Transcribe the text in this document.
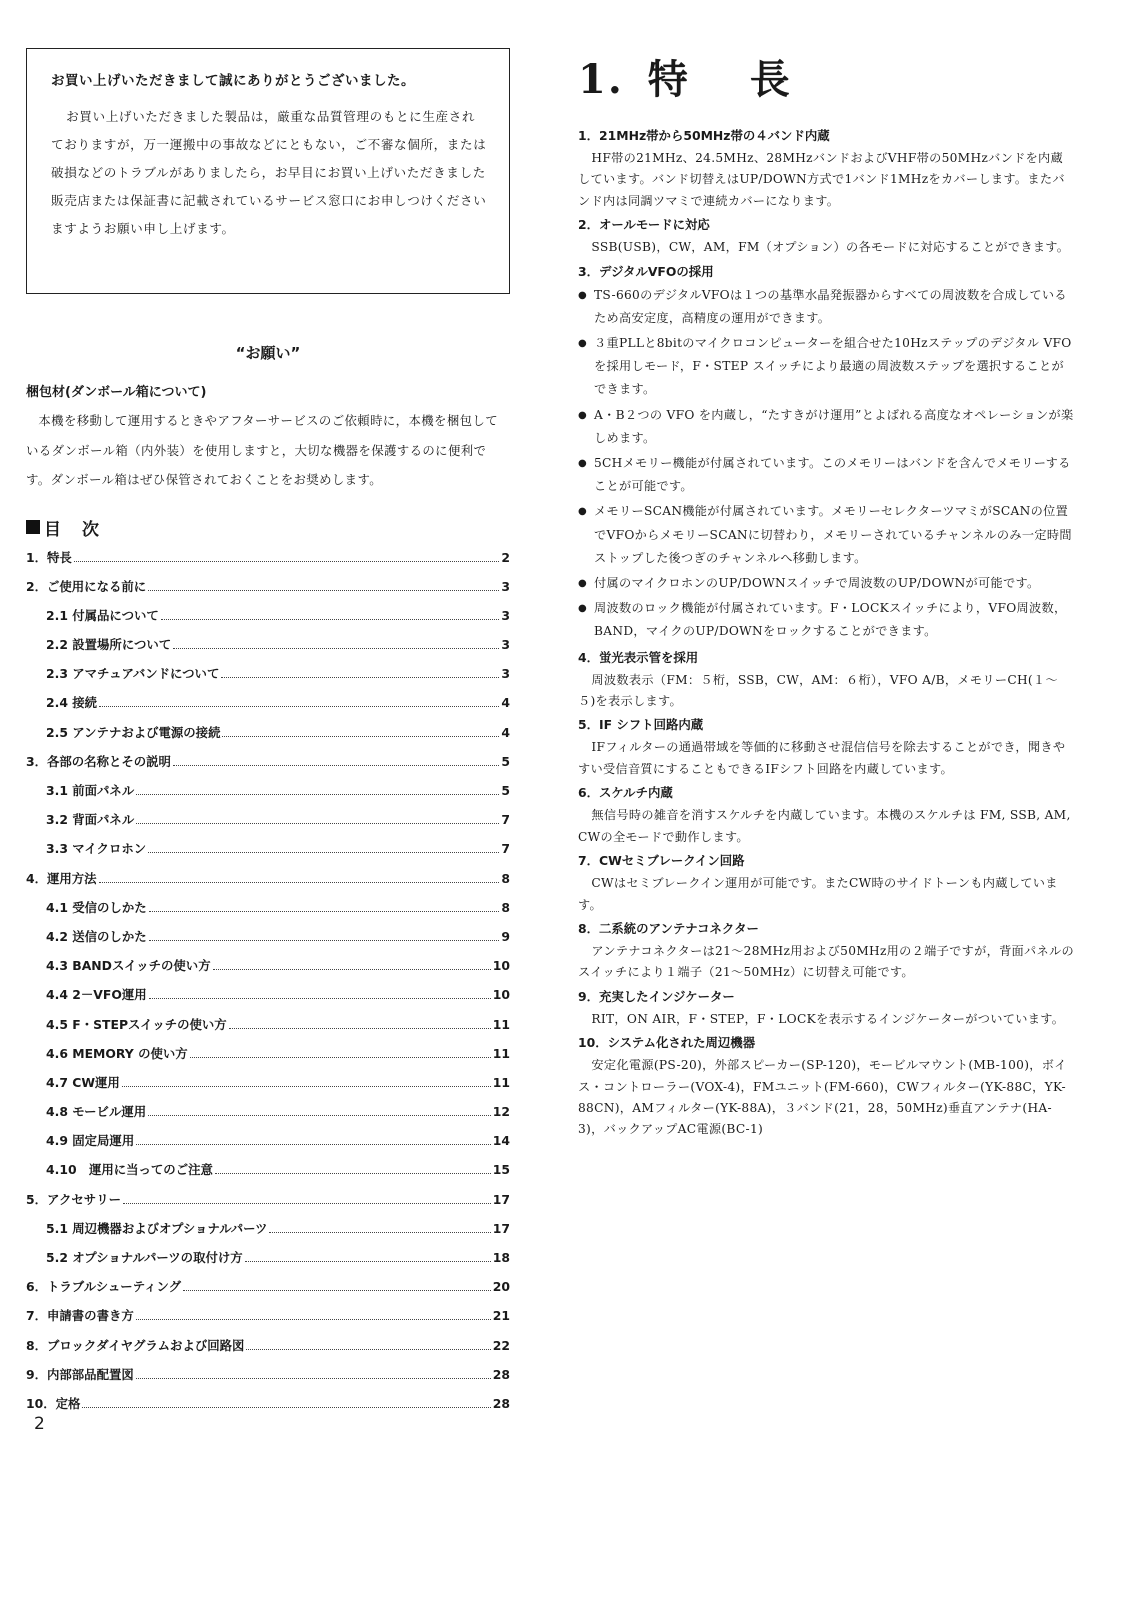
お買い上げいただきまして誠にありがとうございました。

お買い上げいただきました製品は，厳重な品質管理のもとに生産されておりますが，万一運搬中の事故などにともない，ご不審な個所，または破損などのトラブルがありましたら，お早目にお買い上げいただきました販売店または保証書に記載されているサービス窓口にお申しつけくださいますようお願い申し上げます。

“お願い”
梱包材(ダンボール箱について)

本機を移動して運用するときやアフターサービスのご依頼時に，本機を梱包しているダンボール箱（内外装）を使用しますと，大切な機器を保護するのに便利です。ダンボール箱はぜひ保管されておくことをお奨めします。

目　次
1．特長	2
2．ご使用になる前に	3
2.1 付属品について	3
2.2 設置場所について	3
2.3 アマチュアバンドについて	3
2.4 接続	4
2.5 アンテナおよび電源の接続	4
3．各部の名称とその説明	5
3.1 前面パネル	5
3.2 背面パネル	7
3.3 マイクロホン	7
4．運用方法	8
4.1 受信のしかた	8
4.2 送信のしかた	9
4.3 BANDスイッチの使い方	10
4.4 2－VFO運用	10
4.5 F・STEPスイッチの使い方	11
4.6 MEMORY の使い方	11
4.7 CW運用	11
4.8 モービル運用	12
4.9 固定局運用	14
4.10　運用に当ってのご注意	15
5．アクセサリー	17
5.1 周辺機器およびオプショナルパーツ	17
5.2 オプショナルパーツの取付け方	18
6．トラブルシューティング	20
7．申請書の書き方	21
8．ブロックダイヤグラムおよび回路図	22
9．内部部品配置図	28
10．定格	28
2
1. 特 長
1．21MHz帯から50MHz帯の４バンド内蔵

HF帯の21MHz、24.5MHz、28MHzバンドおよびVHF帯の50MHzバンドを内蔵しています。バンド切替えはUP/DOWN方式で1バンド1MHzをカバーします。またバンド内は同調ツマミで連続カバーになります。

2．オールモードに対応

SSB(USB)，CW，AM，FM（オプション）の各モードに対応することができます。

3．デジタルVFOの採用
● TS-660のデジタルVFOは１つの基準水晶発振器からすべての周波数を合成しているため高安定度，高精度の運用ができます。
● ３重PLLと8bitのマイクロコンピューターを組合せた10Hzステップのデジタル VFO を採用しモード，F・STEP スイッチにより最適の周波数ステップを選択することができます。
● A・B２つの VFO を内蔵し，“たすきがけ運用”とよばれる高度なオペレーションが楽しめます。
● 5CHメモリー機能が付属されています。このメモリーはバンドを含んでメモリーすることが可能です。
● メモリーSCAN機能が付属されています。メモリーセレクターツマミがSCANの位置でVFOからメモリーSCANに切替わり，メモリーされているチャンネルのみ一定時間ストップした後つぎのチャンネルへ移動します。
● 付属のマイクロホンのUP/DOWNスイッチで周波数のUP/DOWNが可能です。
● 周波数のロック機能が付属されています。F・LOCKスイッチにより，VFO周波数，BAND，マイクのUP/DOWNをロックすることができます。
4．蛍光表示管を採用

周波数表示（FM：５桁，SSB，CW，AM：６桁），VFO A/B，メモリーCH(１～５)を表示します。

5．IF シフト回路内蔵

IFフィルターの通過帯域を等価的に移動させ混信信号を除去することができ，聞きやすい受信音質にすることもできるIFシフト回路を内蔵しています。

6．スケルチ内蔵

無信号時の雑音を消すスケルチを内蔵しています。本機のスケルチは FM, SSB, AM, CWの全モードで動作します。

7．CWセミブレークイン回路

CWはセミブレークイン運用が可能です。またCW時のサイドトーンも内蔵しています。

8．二系統のアンテナコネクター

アンテナコネクターは21～28MHz用および50MHz用の２端子ですが，背面パネルのスイッチにより１端子（21～50MHz）に切替え可能です。

9．充実したインジケーター

RIT，ON AIR，F・STEP，F・LOCKを表示するインジケーターがついています。

10．システム化された周辺機器

安定化電源(PS-20)，外部スピーカー(SP-120)，モービルマウント(MB-100)，ボイス・コントローラー(VOX-4)，FMユニット(FM-660)，CWフィルター(YK-88C，YK-88CN)，AMフィルター(YK-88A)，３バンド(21，28，50MHz)垂直アンテナ(HA-3)，バックアップAC電源(BC-1)
